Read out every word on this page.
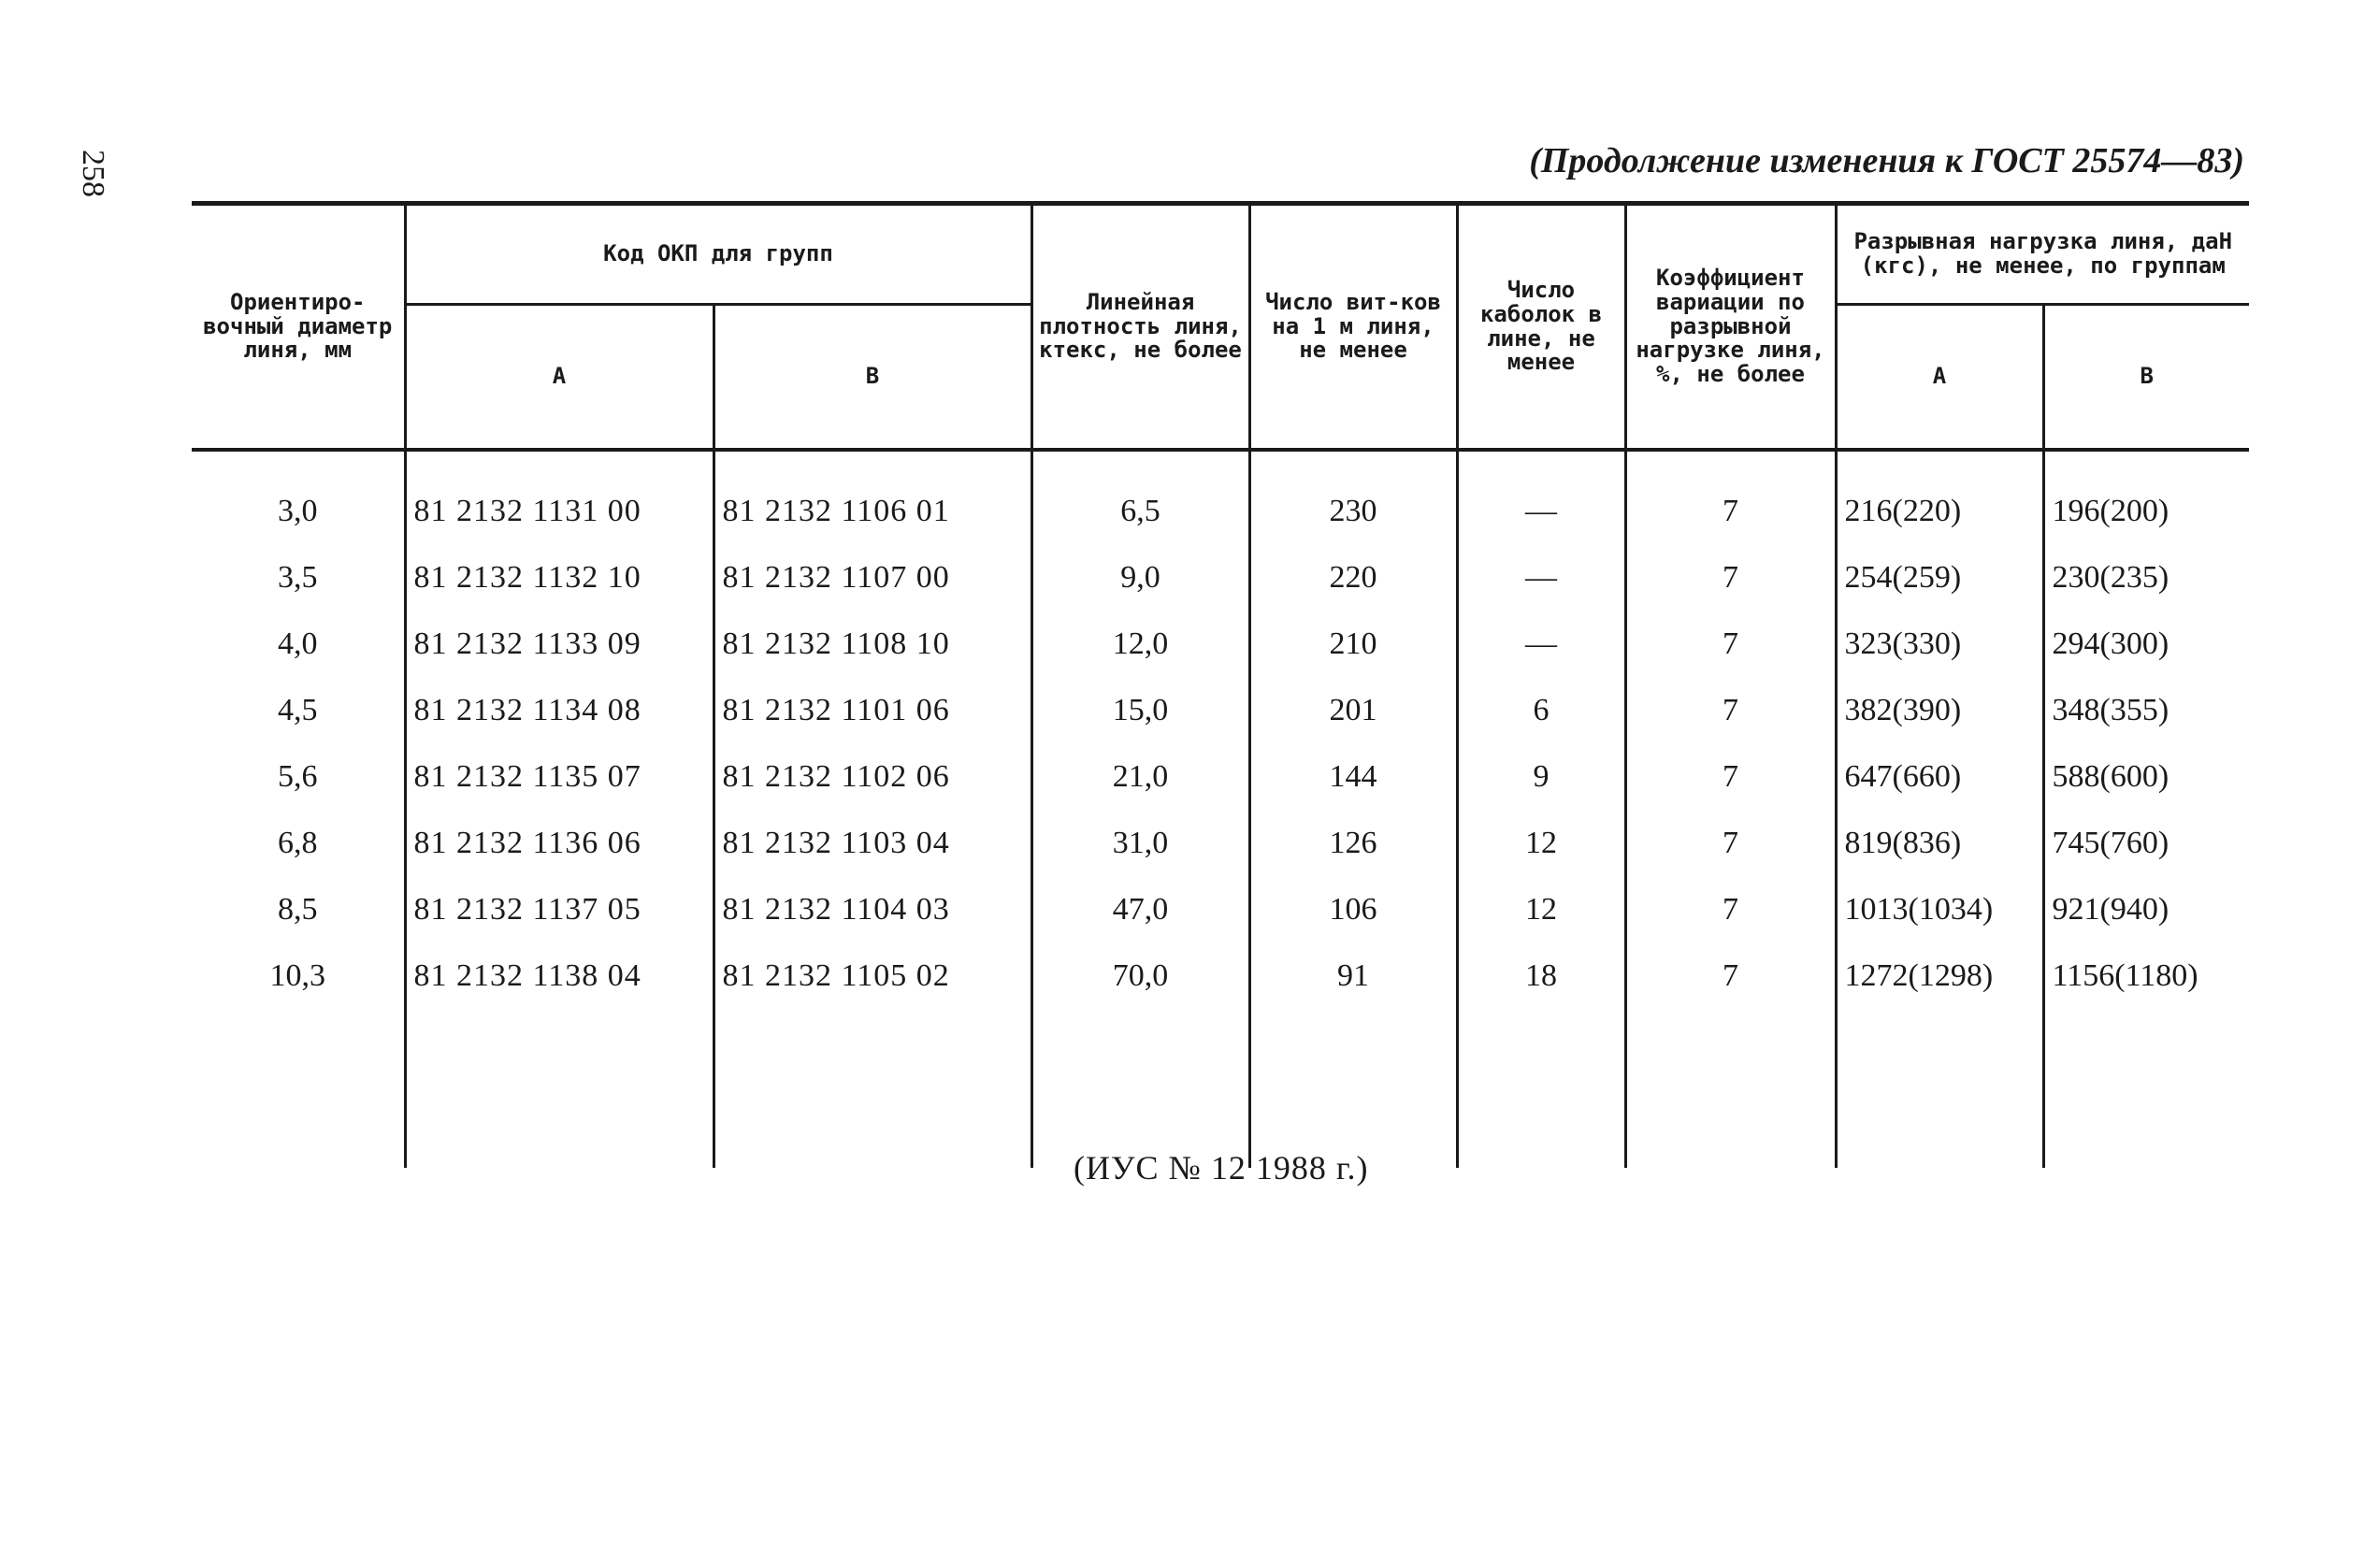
258	(Продолжение изменения к ГОСТ 25574—83)
Ориентиро-вочный диаметр линя, мм	Код ОКП для групп		Линейная плотность линя, ктекс, не более	Число вит-ков на 1 м линя, не менее	Число каболок в лине, не менее	Коэффициент вариации по разрывной нагрузке линя, %, не более	Разрывная нагрузка линя, даН (кгс), не менее, по группам	
	А	В					А	В
3,0	81 2132 1131 00	81 2132 1106 01	6,5	230	—	7	216(220)	196(200)
3,5	81 2132 1132 10	81 2132 1107 00	9,0	220	—	7	254(259)	230(235)
4,0	81 2132 1133 09	81 2132 1108 10	12,0	210	—	7	323(330)	294(300)
4,5	81 2132 1134 08	81 2132 1101 06	15,0	201	6	7	382(390)	348(355)
5,6	81 2132 1135 07	81 2132 1102 06	21,0	144	9	7	647(660)	588(600)
6,8	81 2132 1136 06	81 2132 1103 04	31,0	126	12	7	819(836)	745(760)
8,5	81 2132 1137 05	81 2132 1104 03	47,0	106	12	7	1013(1034)	921(940)
10,3	81 2132 1138 04	81 2132 1105 02	70,0	91	18	7	1272(1298)	1156(1180)

(ИУС № 12 1988 г.)
